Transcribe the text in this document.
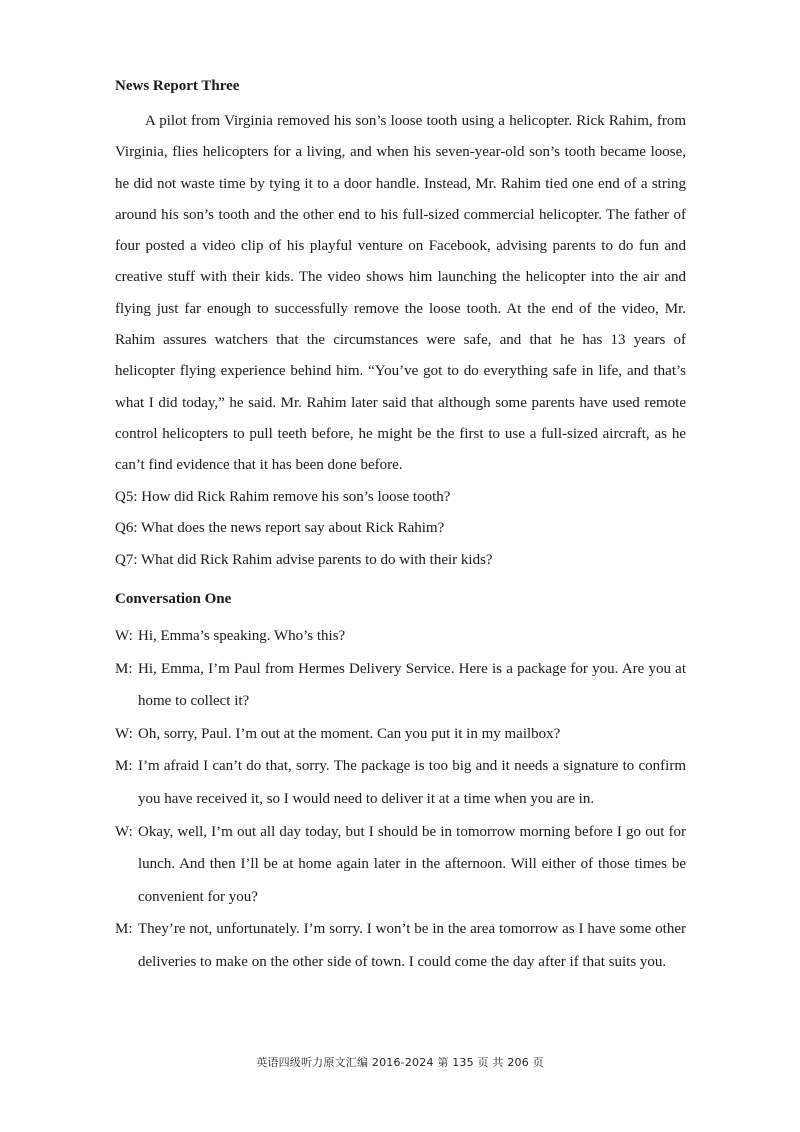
News Report Three

A pilot from Virginia removed his son’s loose tooth using a helicopter. Rick Rahim, from Virginia, flies helicopters for a living, and when his seven-year-old son’s tooth became loose, he did not waste time by tying it to a door handle. Instead, Mr. Rahim tied one end of a string around his son’s tooth and the other end to his full-sized commercial helicopter. The father of four posted a video clip of his playful venture on Facebook, advising parents to do fun and creative stuff with their kids. The video shows him launching the helicopter into the air and flying just far enough to successfully remove the loose tooth. At the end of the video, Mr. Rahim assures watchers that the circumstances were safe, and that he has 13 years of helicopter flying experience behind him. “You’ve got to do everything safe in life, and that’s what I did today,” he said. Mr. Rahim later said that although some parents have used remote control helicopters to pull teeth before, he might be the first to use a full-sized aircraft, as he can’t find evidence that it has been done before.

Q5: How did Rick Rahim remove his son’s loose tooth?

Q6: What does the news report say about Rick Rahim?

Q7: What did Rick Rahim advise parents to do with their kids?

Conversation One
W: Hi, Emma’s speaking. Who’s this?
M: Hi, Emma, I’m Paul from Hermes Delivery Service. Here is a package for you. Are you at home to collect it?
W: Oh, sorry, Paul. I’m out at the moment. Can you put it in my mailbox?
M: I’m afraid I can’t do that, sorry. The package is too big and it needs a signature to confirm you have received it, so I would need to deliver it at a time when you are in.
W: Okay, well, I’m out all day today, but I should be in tomorrow morning before I go out for lunch. And then I’ll be at home again later in the afternoon. Will either of those times be convenient for you?
M: They’re not, unfortunately. I’m sorry. I won’t be in the area tomorrow as I have some other deliveries to make on the other side of town. I could come the day after if that suits you.
英语四级听力原文汇编 2016-2024 第 135 页 共 206 页
